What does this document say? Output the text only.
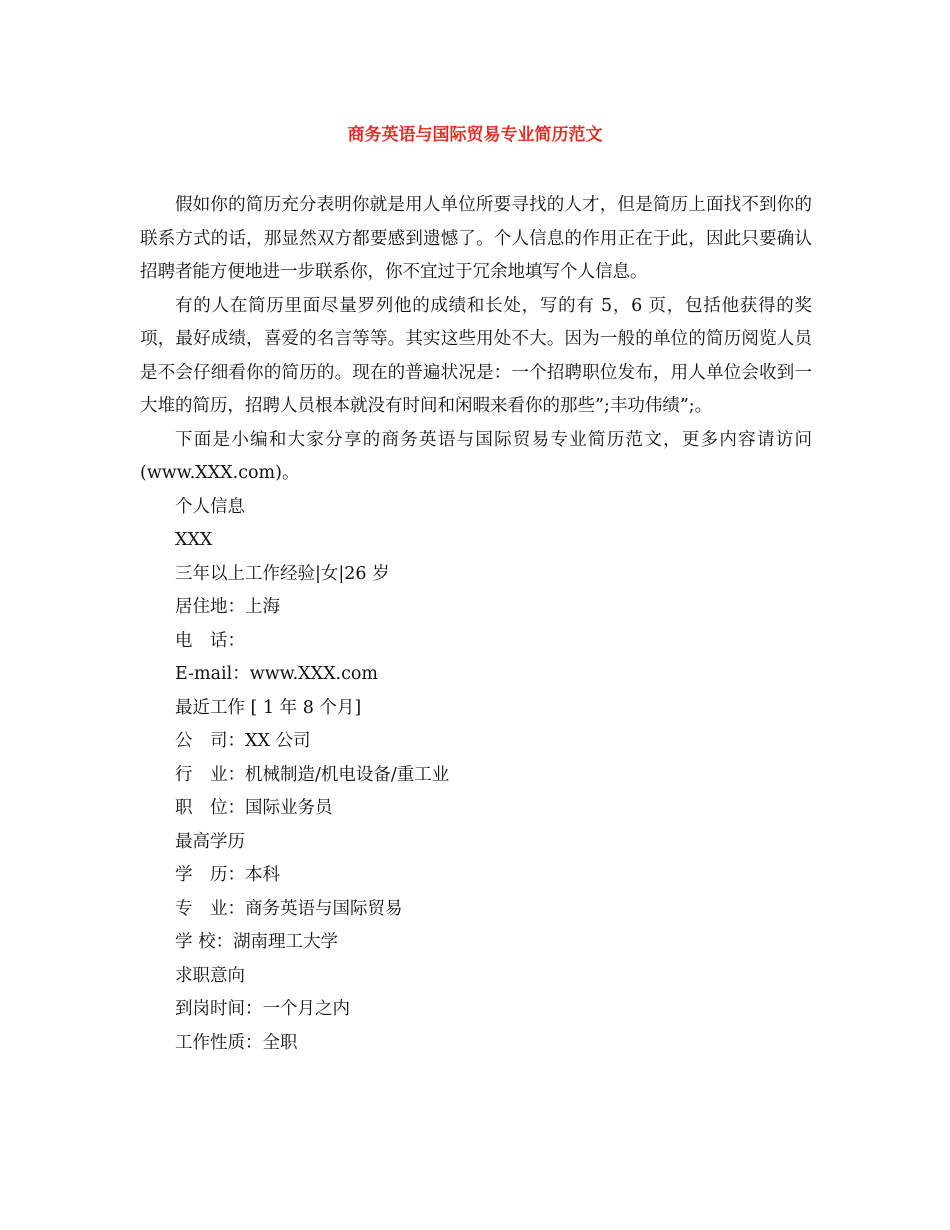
商务英语与国际贸易专业简历范文

假如你的简历充分表明你就是用人单位所要寻找的人才，但是简历上面找不到你的联系方式的话，那显然双方都要感到遗憾了。个人信息的作用正在于此，因此只要确认招聘者能方便地进一步联系你，你不宜过于冗余地填写个人信息。

有的人在简历里面尽量罗列他的成绩和长处，写的有 5，6 页，包括他获得的奖项，最好成绩，喜爱的名言等等。其实这些用处不大。因为一般的单位的简历阅览人员是不会仔细看你的简历的。现在的普遍状况是：一个招聘职位发布，用人单位会收到一大堆的简历，招聘人员根本就没有时间和闲暇来看你的那些”;丰功伟绩”;。

下面是小编和大家分享的商务英语与国际贸易专业简历范文，更多内容请访问(www.XXX.com)。

个人信息

XXX

三年以上工作经验|女|26 岁

居住地：上海

电　话：

E-mail：www.XXX.com

最近工作 [ 1 年 8 个月]

公　司：XX 公司

行　业：机械制造/机电设备/重工业

职　位：国际业务员

最高学历

学　历：本科

专　业：商务英语与国际贸易

学 校：湖南理工大学

求职意向

到岗时间：一个月之内

工作性质：全职
